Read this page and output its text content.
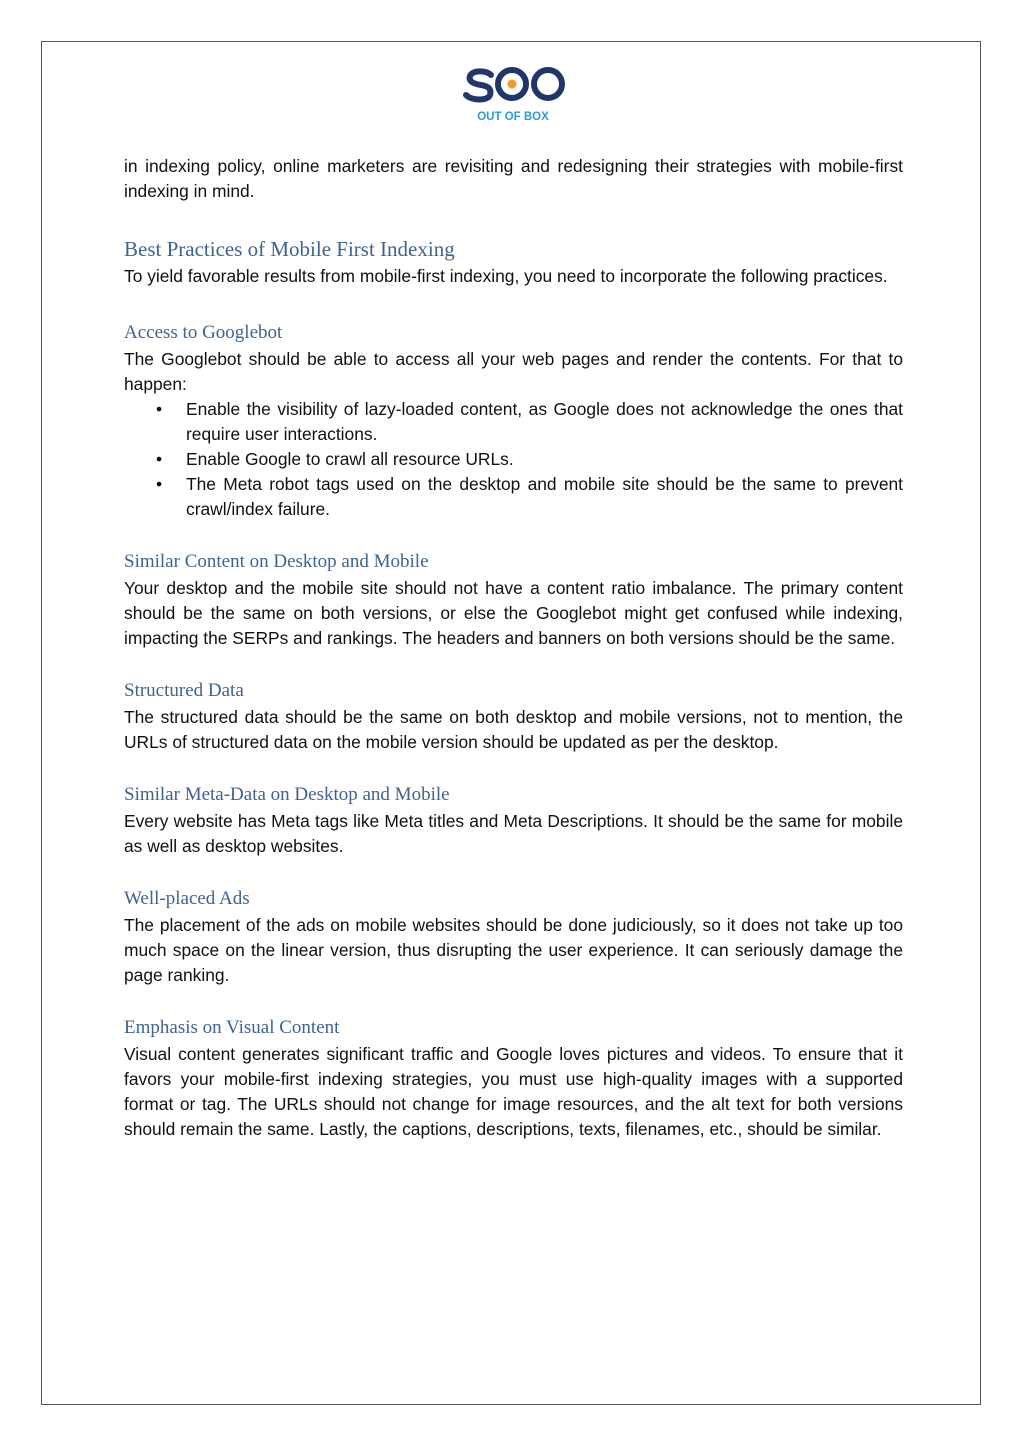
OUT OF BOX

in indexing policy, online marketers are revisiting and redesigning their strategies with mobile-first indexing in mind.

Best Practices of Mobile First Indexing

To yield favorable results from mobile-first indexing, you need to incorporate the following practices.

Access to Googlebot

The Googlebot should be able to access all your web pages and render the contents. For that to happen:

• Enable the visibility of lazy-loaded content, as Google does not acknowledge the ones that require user interactions.
• Enable Google to crawl all resource URLs.
• The Meta robot tags used on the desktop and mobile site should be the same to prevent crawl/index failure.
Similar Content on Desktop and Mobile

Your desktop and the mobile site should not have a content ratio imbalance. The primary content should be the same on both versions, or else the Googlebot might get confused while indexing, impacting the SERPs and rankings. The headers and banners on both versions should be the same.

Structured Data

The structured data should be the same on both desktop and mobile versions, not to mention, the URLs of structured data on the mobile version should be updated as per the desktop.

Similar Meta-Data on Desktop and Mobile

Every website has Meta tags like Meta titles and Meta Descriptions. It should be the same for mobile as well as desktop websites.

Well-placed Ads

The placement of the ads on mobile websites should be done judiciously, so it does not take up too much space on the linear version, thus disrupting the user experience. It can seriously damage the page ranking.

Emphasis on Visual Content

Visual content generates significant traffic and Google loves pictures and videos. To ensure that it favors your mobile-first indexing strategies, you must use high-quality images with a supported format or tag. The URLs should not change for image resources, and the alt text for both versions should remain the same. Lastly, the captions, descriptions, texts, filenames, etc., should be similar.
